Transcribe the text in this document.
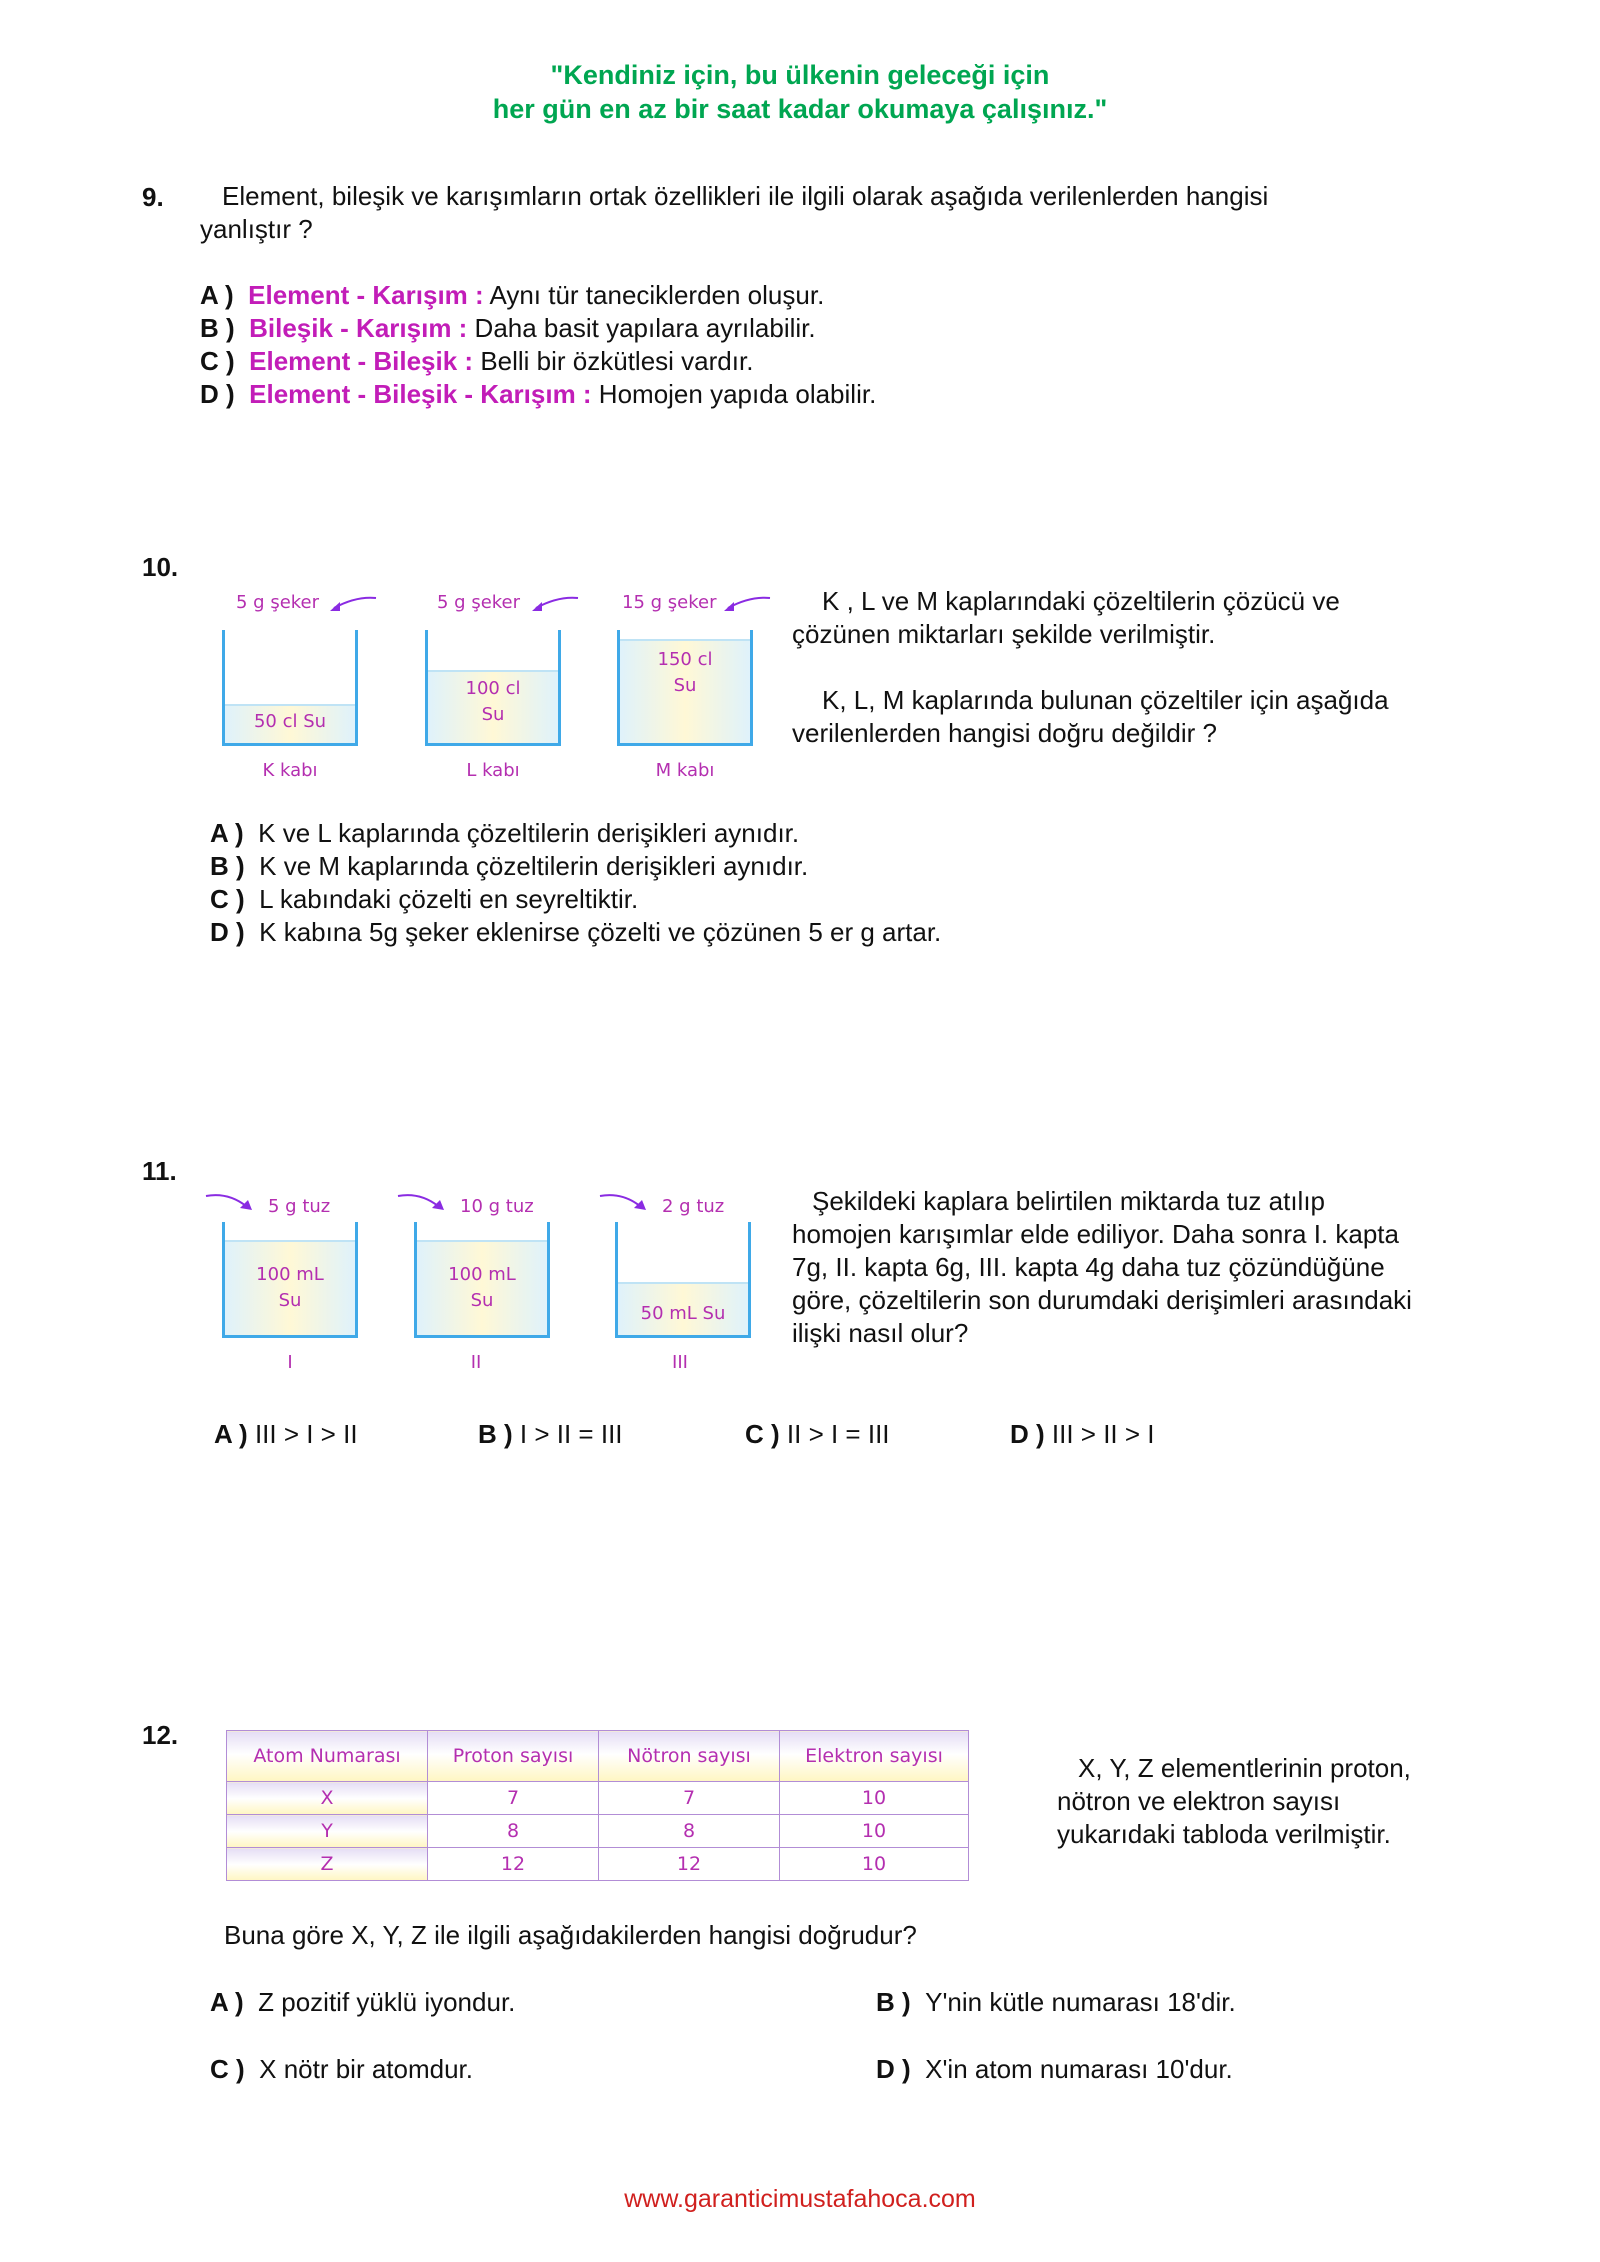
"Kendiniz için, bu ülkenin geleceği için
her gün en az bir saat kadar okumaya çalışınız."
9. Element, bileşik ve karışımların ortak özellikleri ile ilgili olarak aşağıda verilenlerden hangisi
yanlıştır ?
A ) Element - Karışım : Aynı tür taneciklerden oluşur.
B ) Bileşik - Karışım : Daha basit yapılara ayrılabilir.
C ) Element - Bileşik : Belli bir özkütlesi vardır.
D ) Element - Bileşik - Karışım : Homojen yapıda olabilir.
10.
5 g şeker
50 cl Su
K kabı
5 g şeker
100 cl
Su
L kabı
15 g şeker
150 cl
Su
M kabı
K , L ve M kaplarındaki çözeltilerin çözücü ve
çözünen miktarları şekilde verilmiştir.
K, L, M kaplarında bulunan çözeltiler için aşağıda
verilenlerden hangisi doğru değildir ?
A ) K ve L kaplarında çözeltilerin derişikleri aynıdır.
B ) K ve M kaplarında çözeltilerin derişikleri aynıdır.
C ) L kabındaki çözelti en seyreltiktir.
D ) K kabına 5g şeker eklenirse çözelti ve çözünen 5 er g artar.
11.
5 g tuz
100 mL
Su
I
10 g tuz
100 mL
Su
II
2 g tuz
50 mL Su
III
Şekildeki kaplara belirtilen miktarda tuz atılıp
homojen karışımlar elde ediliyor. Daha sonra I. kapta
7g, II. kapta 6g, III. kapta 4g daha tuz çözündüğüne
göre, çözeltilerin son durumdaki derişimleri arasındaki
ilişki nasıl olur?
A ) III > I > II	B ) I > II = III	C ) II > I = III	D ) III > II > I
12.
Atom Numarası	Proton sayısı	Nötron sayısı	Elektron sayısı
X	7	7	10
Y	8	8	10
Z	12	12	10
X, Y, Z elementlerinin proton,
nötron ve elektron sayısı
yukarıdaki tabloda verilmiştir.
Buna göre X, Y, Z ile ilgili aşağıdakilerden hangisi doğrudur?
A ) Z pozitif yüklü iyondur.	B ) Y'nin kütle numarası 18'dir.
C ) X nötr bir atomdur.	D ) X'in atom numarası 10'dur.
www.garanticimustafahoca.com
